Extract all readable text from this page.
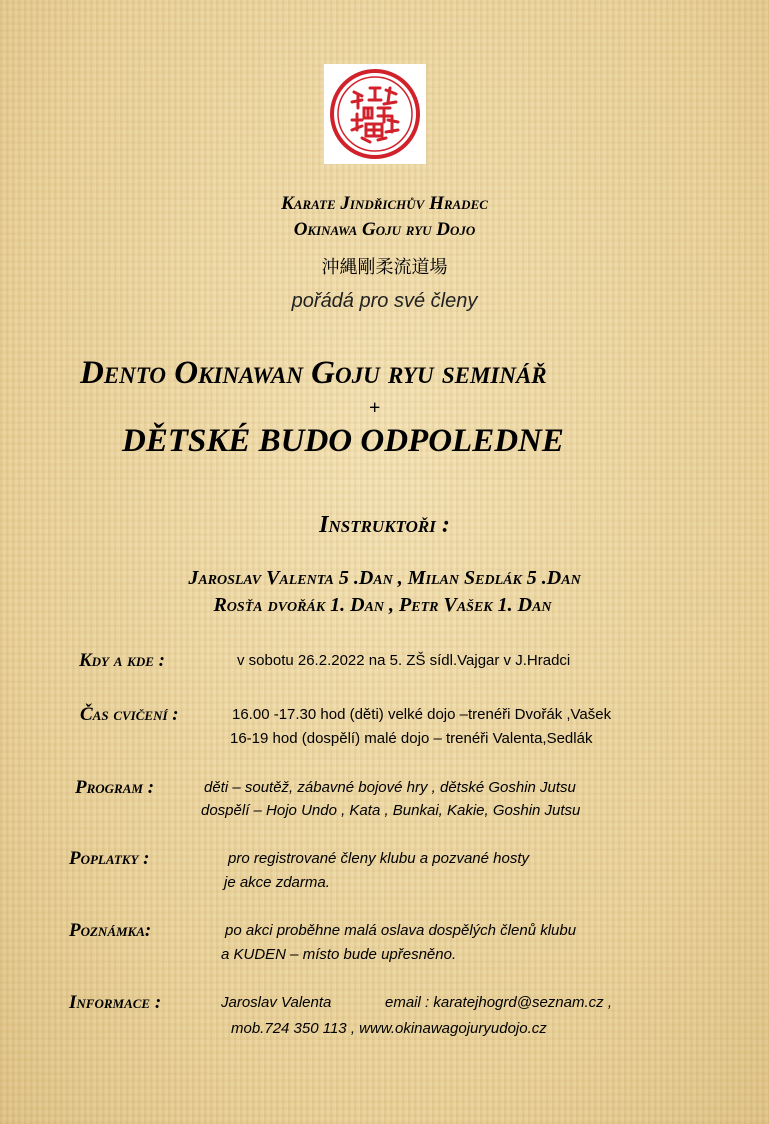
Karate Jindřichův Hradec
Okinawa Goju ryu Dojo
沖縄剛柔流道場
pořádá pro své členy
Dento Okinawan Goju ryu seminář
+
DĚTSKÉ BUDO ODPOLEDNE
Instruktoři :
Jaroslav Valenta 5 .Dan , Milan Sedlák 5 .Dan
Rosťa dvořák 1. Dan , Petr Vašek 1. Dan
Kdy a kde :	v sobotu 26.2.2022 na 5. ZŠ sídl.Vajgar v J.Hradci
Čas cvičení :	16.00 -17.30 hod (děti) velké dojo –trenéři Dvořák ,Vašek
16-19 hod (dospělí) malé dojo – trenéři Valenta,Sedlák
Program :	děti – soutěž, zábavné bojové hry , dětské Goshin Jutsu
dospělí – Hojo Undo , Kata , Bunkai, Kakie, Goshin Jutsu
Poplatky :	pro registrované členy klubu a pozvané hosty
je akce zdarma.
Poznámka:	po akci proběhne malá oslava dospělých členů klubu
a KUDEN – místo bude upřesněno.
Informace :	Jaroslav Valenta	email : karatejhogrd@seznam.cz ,
mob.724 350 113 , www.okinawagojuryudojo.cz
